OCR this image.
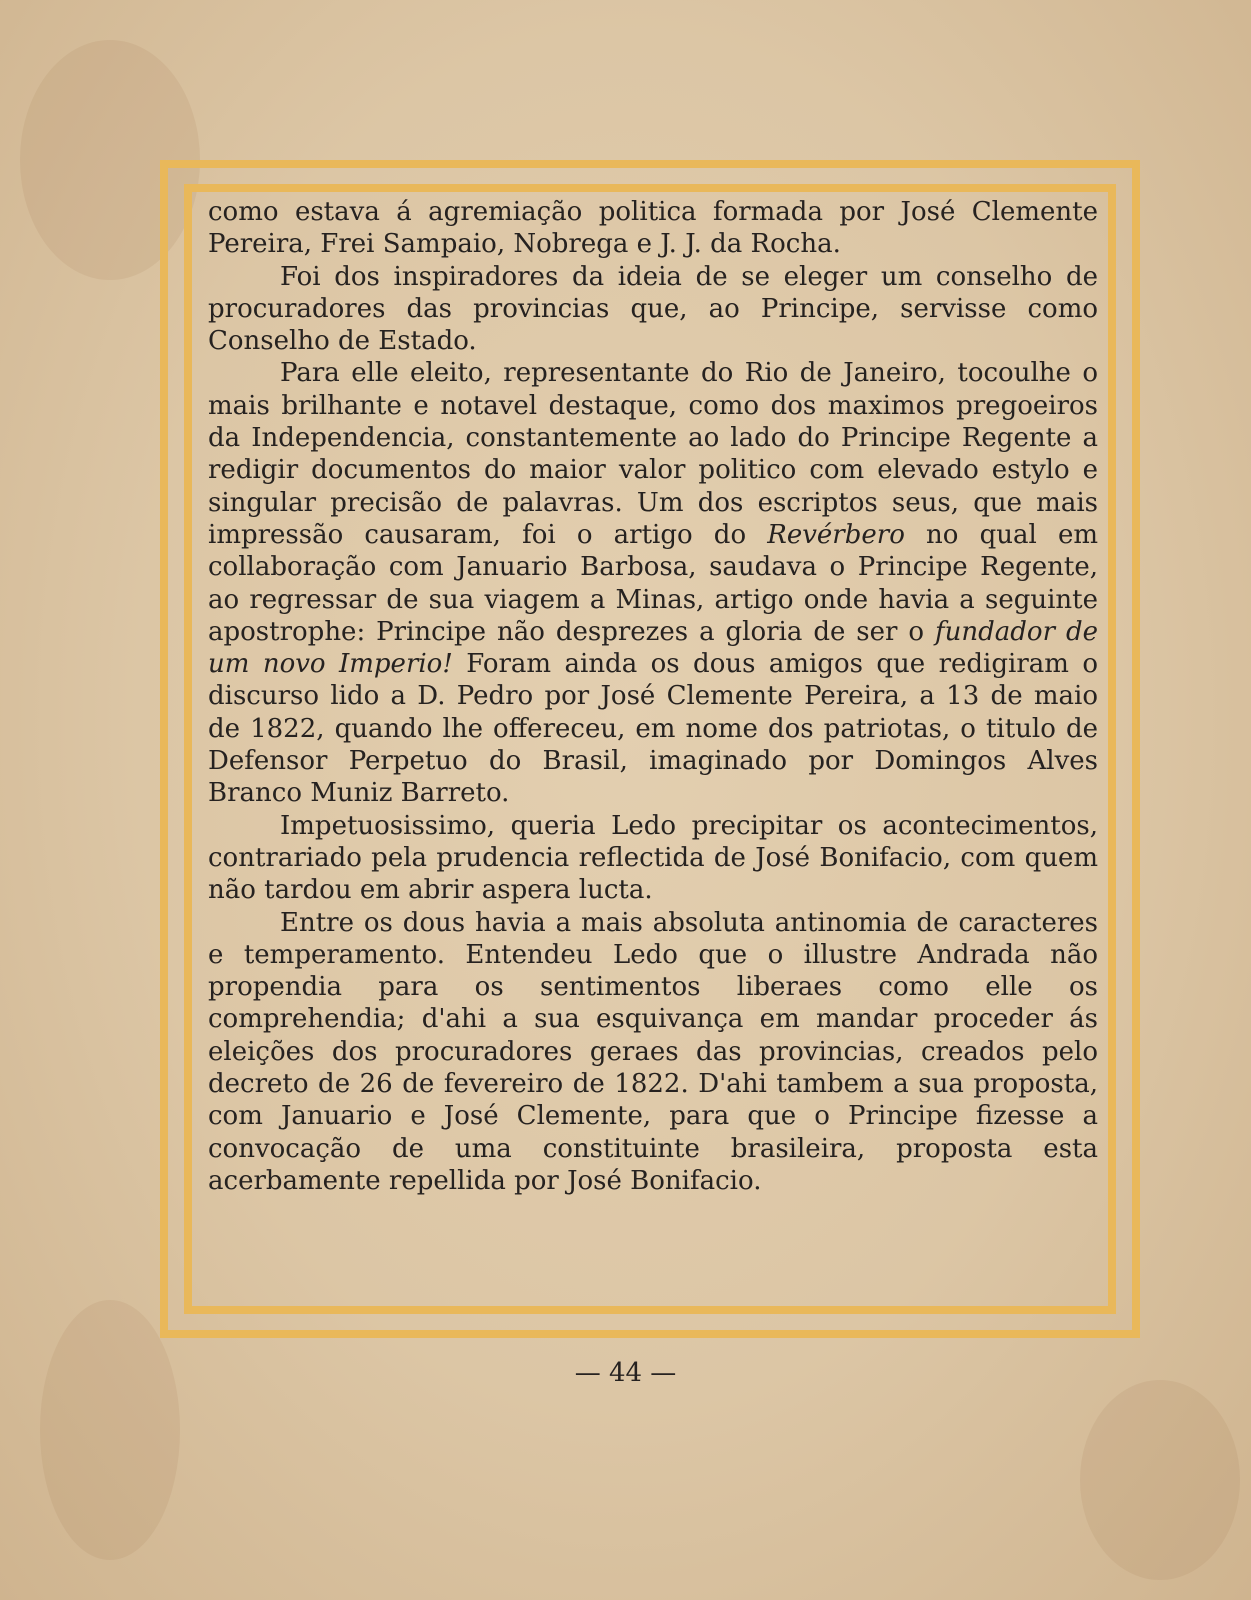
como estava á agremiação politica formada por José Clemente Pereira, Frei Sampaio, Nobrega e J. J. da Rocha.

Foi dos inspiradores da ideia de se eleger um conselho de procuradores das provincias que, ao Principe, servisse como Conselho de Estado.

Para elle eleito, representante do Rio de Janeiro, tocoulhe o mais brilhante e notavel destaque, como dos maximos pregoeiros da Independencia, constantemente ao lado do Principe Regente a redigir documentos do maior valor politico com elevado estylo e singular precisão de palavras. Um dos escriptos seus, que mais impressão causaram, foi o artigo do Revérbero no qual em collaboração com Januario Barbosa, saudava o Principe Regente, ao regressar de sua viagem a Minas, artigo onde havia a seguinte apostrophe: Principe não desprezes a gloria de ser o fundador de um novo Imperio! Foram ainda os dous amigos que redigiram o discurso lido a D. Pedro por José Clemente Pereira, a 13 de maio de 1822, quando lhe offereceu, em nome dos patriotas, o titulo de Defensor Perpetuo do Brasil, imaginado por Domingos Alves Branco Muniz Barreto.

Impetuosissimo, queria Ledo precipitar os acontecimentos, contrariado pela prudencia reflectida de José Bonifacio, com quem não tardou em abrir aspera lucta.

Entre os dous havia a mais absoluta antinomia de caracteres e temperamento. Entendeu Ledo que o illustre Andrada não propendia para os sentimentos liberaes como elle os comprehendia; d'ahi a sua esquivança em mandar proceder ás eleições dos procuradores geraes das provincias, creados pelo decreto de 26 de fevereiro de 1822. D'ahi tambem a sua proposta, com Januario e José Clemente, para que o Principe fizesse a convocação de uma constituinte brasileira, proposta esta acerbamente repellida por José Bonifacio.

— 44 —
